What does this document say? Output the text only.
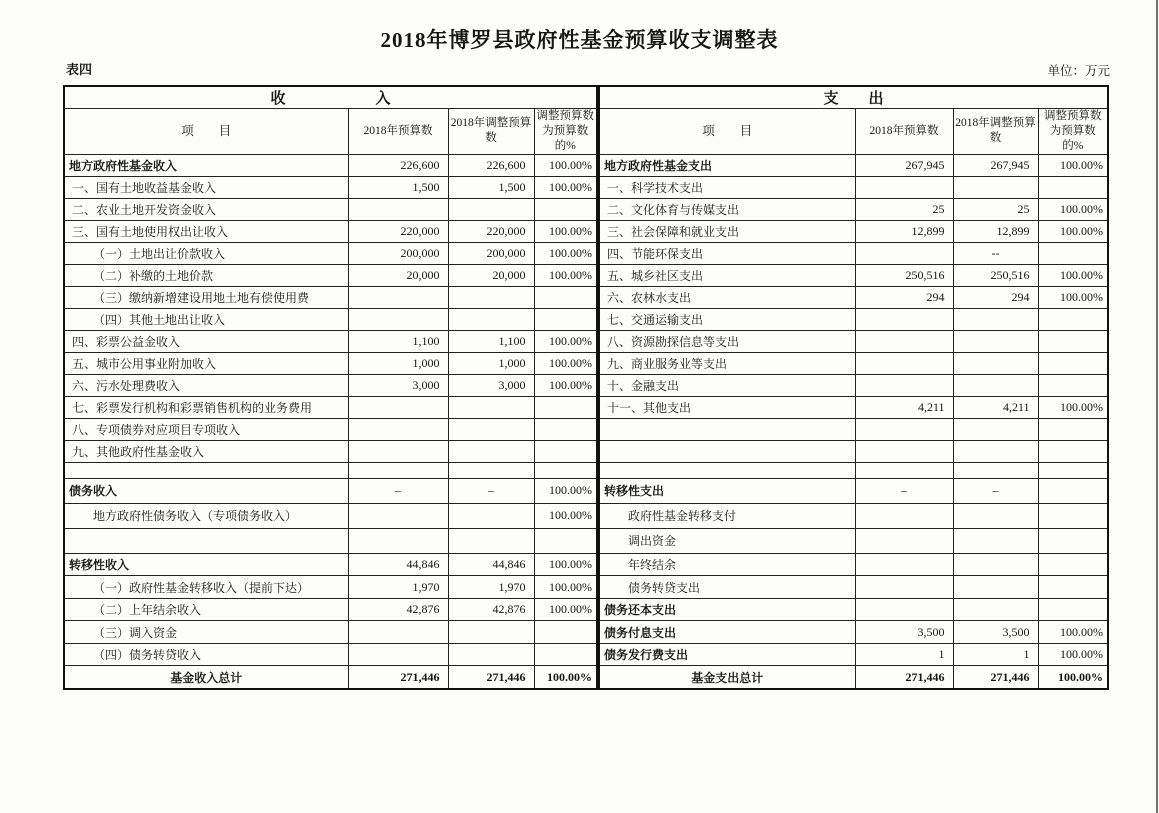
2018年博罗县政府性基金预算收支调整表
表四	单位：万元
收　　　　　　入			
项　　目	2018年预算数	2018年调整预算数	调整预算数为预算数的%
地方政府性基金收入	226,600	226,600	100.00%
一、国有土地收益基金收入	1,500	1,500	100.00%
二、农业土地开发资金收入			
三、国有土地使用权出让收入	220,000	220,000	100.00%
（一）土地出让价款收入	200,000	200,000	100.00%
（二）补缴的土地价款	20,000	20,000	100.00%
（三）缴纳新增建设用地土地有偿使用费			
（四）其他土地出让收入			
四、彩票公益金收入	1,100	1,100	100.00%
五、城市公用事业附加收入	1,000	1,000	100.00%
六、污水处理费收入	3,000	3,000	100.00%
七、彩票发行机构和彩票销售机构的业务费用			
八、专项债券对应项目专项收入			
九、其他政府性基金收入			

债务收入	–	–	100.00%
地方政府性债务收入（专项债务收入）			100.00%

转移性收入	44,846	44,846	100.00%
（一）政府性基金转移收入（提前下达）	1,970	1,970	100.00%
（二）上年结余收入	42,876	42,876	100.00%
（三）调入资金			
（四）债务转贷收入			
基金收入总计	271,446	271,446	100.00%
支　　出			
项　　目	2018年预算数	2018年调整预算数	调整预算数为预算数的%
地方政府性基金支出	267,945	267,945	100.00%
一、科学技术支出			
二、文化体育与传媒支出	25	25	100.00%
三、社会保障和就业支出	12,899	12,899	100.00%
四、节能环保支出		--	
五、城乡社区支出	250,516	250,516	100.00%
六、农林水支出	294	294	100.00%
七、交通运输支出			
八、资源勘探信息等支出			
九、商业服务业等支出			
十、金融支出			
十一、其他支出	4,211	4,211	100.00%

转移性支出	–	–	
政府性基金转移支付			
调出资金			
年终结余			
债务转贷支出			
债务还本支出			
债务付息支出	3,500	3,500	100.00%
债务发行费支出	1	1	100.00%
基金支出总计	271,446	271,446	100.00%
